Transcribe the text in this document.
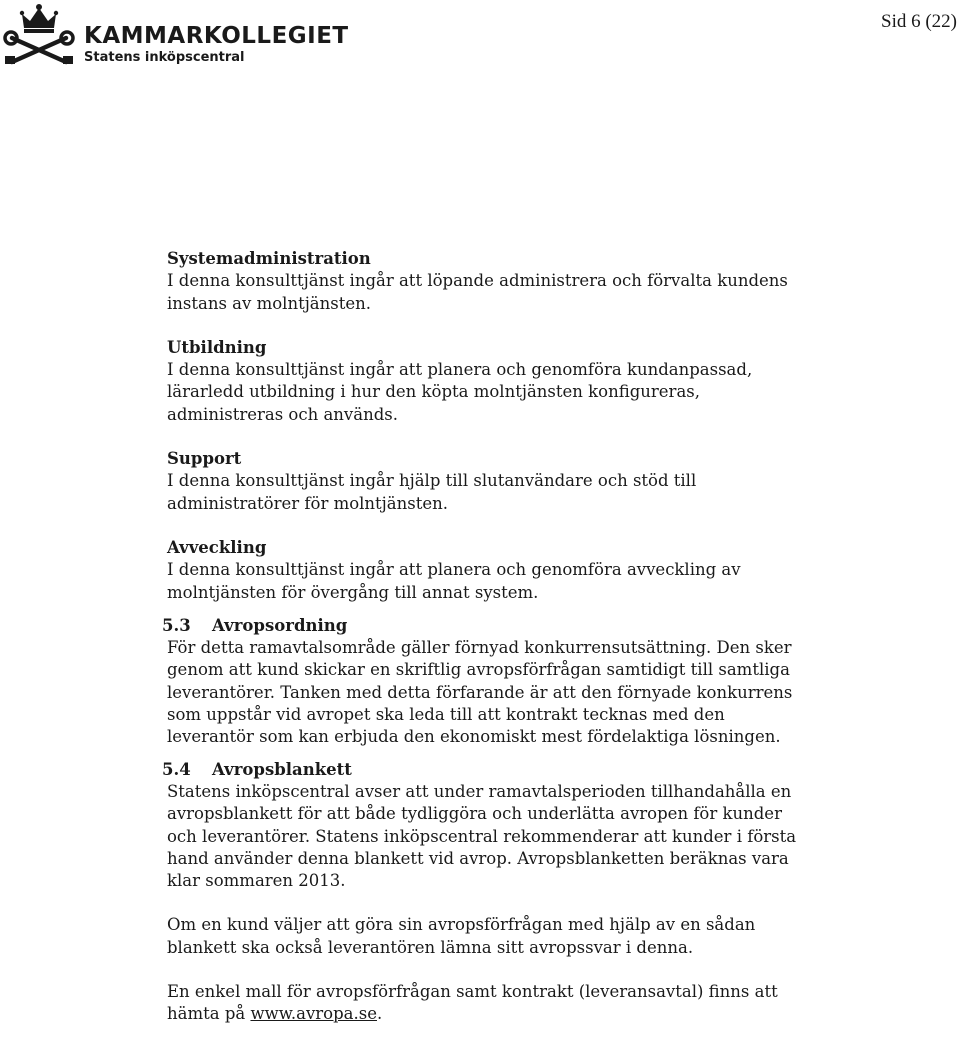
KAMMARKOLLEGIET
Statens inköpscentral
Sid 6 (22)
Systemadministration

I denna konsulttjänst ingår att löpande administrera och förvalta kundens instans av molntjänsten.

Utbildning

I denna konsulttjänst ingår att planera och genomföra kundanpassad, lärarledd utbildning i hur den köpta molntjänsten konfigureras, administreras och används.

Support

I denna konsulttjänst ingår hjälp till slutanvändare och stöd till administratörer för molntjänsten.

Avveckling

I denna konsulttjänst ingår att planera och genomföra avveckling av molntjänsten för övergång till annat system.

5.3 Avropsordning

För detta ramavtalsområde gäller förnyad konkurrensutsättning. Den sker genom att kund skickar en skriftlig avropsförfrågan samtidigt till samtliga leverantörer. Tanken med detta förfarande är att den förnyade konkurrens som uppstår vid avropet ska leda till att kontrakt tecknas med den leverantör som kan erbjuda den ekonomiskt mest fördelaktiga lösningen.

5.4 Avropsblankett

Statens inköpscentral avser att under ramavtalsperioden tillhandahålla en avropsblankett för att både tydliggöra och underlätta avropen för kunder och leverantörer. Statens inköpscentral rekommenderar att kunder i första hand använder denna blankett vid avrop. Avropsblanketten beräknas vara klar sommaren 2013.

Om en kund väljer att göra sin avropsförfrågan med hjälp av en sådan blankett ska också leverantören lämna sitt avropssvar i denna.

En enkel mall för avropsförfrågan samt kontrakt (leveransavtal) finns att hämta på www.avropa.se.
